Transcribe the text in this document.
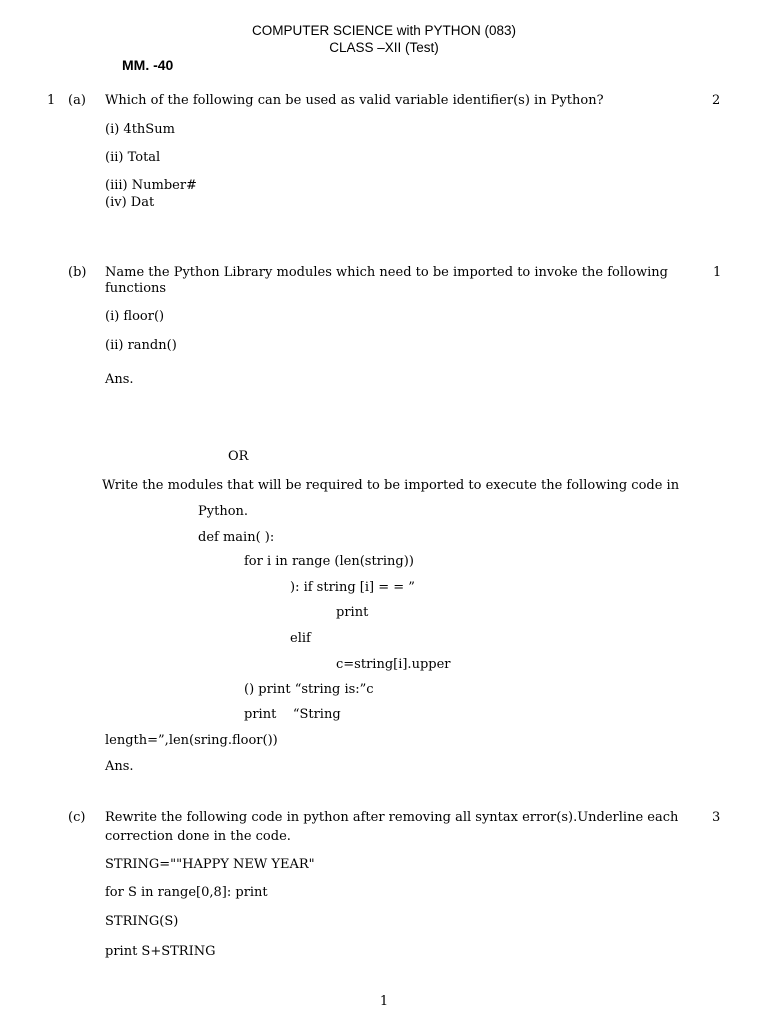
COMPUTER SCIENCE with PYTHON (083)
CLASS –XII (Test)
MM. -40
1 (a) Which of the following can be used as valid variable identifier(s) in Python?	2
(i) 4thSum
(ii) Total
(iii) Number#
(iv) Dat
(b) Name the Python Library modules which need to be imported to invoke the following	1
functions
(i) floor()
(ii) randn()
Ans.
OR
Write the modules that will be required to be imported to execute the following code in
Python.
def main( ):
for i in range (len(string))
): if string [i] = = ”
print
elif
c=string[i].upper
() print “string is:”c
print    “String
length=”,len(sring.floor())
Ans.
(c) Rewrite the following code in python after removing all syntax error(s).Underline each	3
correction done in the code.
STRING=""HAPPY NEW YEAR"
for S in range[0,8]: print
STRING(S)
print S+STRING
1
